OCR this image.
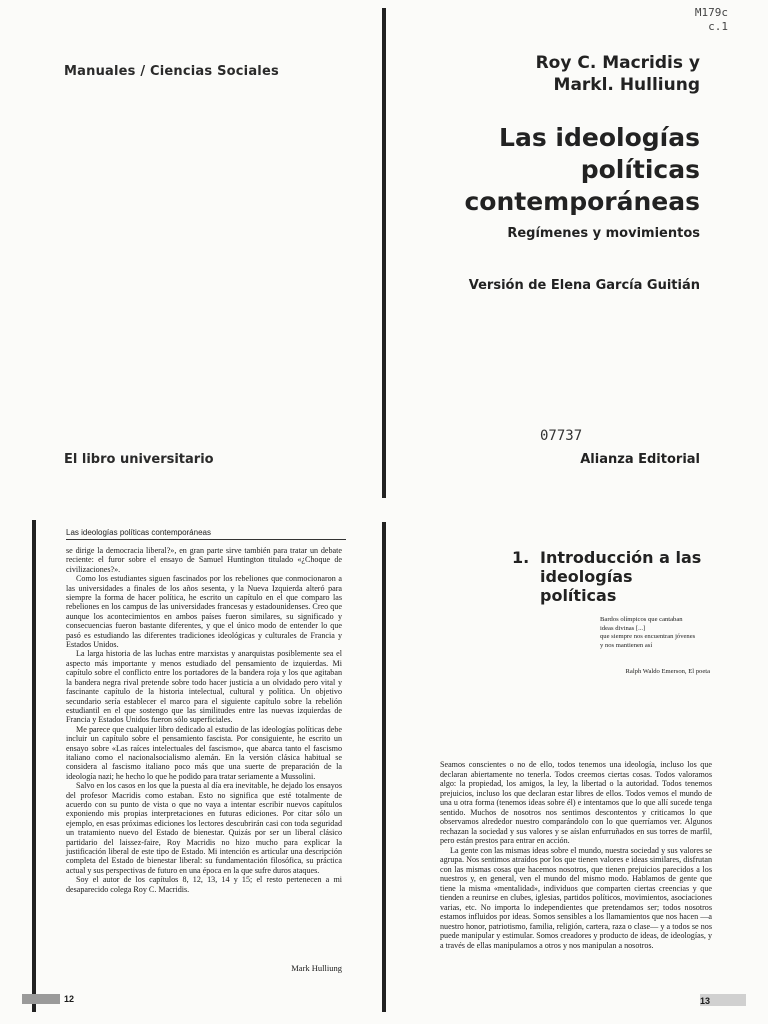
Manuales / Ciencias Sociales
El libro universitario
M179c
c.1
Roy C. Macridis y
Markl. Hulliung
Las ideologías
políticas
contemporáneas
Regímenes y movimientos
Versión de Elena García Guitián
07737
Alianza Editorial
Las ideologías políticas contemporáneas

se dirige la democracia liberal?», en gran parte sirve también para tratar un debate reciente: el furor sobre el ensayo de Samuel Huntington titulado «¿Choque de civilizaciones?».

Como los estudiantes siguen fascinados por los rebeliones que conmocionaron a las universidades a finales de los años sesenta, y la Nueva Izquierda alteró para siempre la forma de hacer política, he escrito un capítulo en el que comparo las rebeliones en los campus de las universidades francesas y estadounidenses. Creo que aunque los acontecimientos en ambos países fueron similares, su significado y consecuencias fueron bastante diferentes, y que el único modo de entender lo que pasó es estudiando las diferentes tradiciones ideológicas y culturales de Francia y Estados Unidos.

La larga historia de las luchas entre marxistas y anarquistas posiblemente sea el aspecto más importante y menos estudiado del pensamiento de izquierdas. Mi capítulo sobre el conflicto entre los portadores de la bandera roja y los que agitaban la bandera negra rival pretende sobre todo hacer justicia a un olvidado pero vital y fascinante capítulo de la historia intelectual, cultural y política. Un objetivo secundario sería establecer el marco para el siguiente capítulo sobre la rebelión estudiantil en el que sostengo que las similitudes entre las nuevas izquierdas de Francia y Estados Unidos fueron sólo superficiales.

Me parece que cualquier libro dedicado al estudio de las ideologías políticas debe incluir un capítulo sobre el pensamiento fascista. Por consiguiente, he escrito un ensayo sobre «Las raíces intelectuales del fascismo», que abarca tanto el fascismo italiano como el nacionalsocialismo alemán. En la versión clásica habitual se considera al fascismo italiano poco más que una suerte de preparación de la ideología nazi; he hecho lo que he podido para tratar seriamente a Mussolini.

Salvo en los casos en los que la puesta al día era inevitable, he dejado los ensayos del profesor Macridis como estaban. Esto no significa que esté totalmente de acuerdo con su punto de vista o que no vaya a intentar escribir nuevos capítulos exponiendo mis propias interpretaciones en futuras ediciones. Por citar sólo un ejemplo, en esas próximas ediciones los lectores descubrirán casi con toda seguridad un tratamiento nuevo del Estado de bienestar. Quizás por ser un liberal clásico partidario del laissez-faire, Roy Macridis no hizo mucho para explicar la justificación liberal de este tipo de Estado. Mi intención es articular una descripción completa del Estado de bienestar liberal: su fundamentación filosófica, su práctica actual y sus perspectivas de futuro en una época en la que sufre duros ataques.

Soy el autor de los capítulos 8, 12, 13, 14 y 15; el resto pertenecen a mi desaparecido colega Roy C. Macridis.

Mark Hulliung
12
1. Introducción a las ideologías políticas
Bardos olímpicos que cantaban
ideas divinas [...]
que siempre nos encuentran jóvenes
y nos mantienen así
Ralph Waldo Emerson, El poeta

Seamos conscientes o no de ello, todos tenemos una ideología, incluso los que declaran abiertamente no tenerla. Todos creemos ciertas cosas. Todos valoramos algo: la propiedad, los amigos, la ley, la libertad o la autoridad. Todos tenemos prejuicios, incluso los que declaran estar libres de ellos. Todos vemos el mundo de una u otra forma (tenemos ideas sobre él) e intentamos que lo que allí sucede tenga sentido. Muchos de nosotros nos sentimos descontentos y criticamos lo que observamos alrededor nuestro comparándolo con lo que querríamos ver. Algunos rechazan la sociedad y sus valores y se aíslan enfurruñados en sus torres de marfil, pero están prestos para entrar en acción.

La gente con las mismas ideas sobre el mundo, nuestra sociedad y sus valores se agrupa. Nos sentimos atraídos por los que tienen valores e ideas similares, disfrutan con las mismas cosas que hacemos nosotros, que tienen prejuicios parecidos a los nuestros y, en general, ven el mundo del mismo modo. Hablamos de gente que tiene la misma «mentalidad», individuos que comparten ciertas creencias y que tienden a reunirse en clubes, iglesias, partidos políticos, movimientos, asociaciones varias, etc. No importa lo independientes que pretendamos ser; todos nosotros estamos influidos por ideas. Somos sensibles a los llamamientos que nos hacen —a nuestro honor, patriotismo, familia, religión, cartera, raza o clase— y a todos se nos puede manipular y estimular. Somos creadores y producto de ideas, de ideologías, y a través de ellas manipulamos a otros y nos manipulan a nosotros.

13
